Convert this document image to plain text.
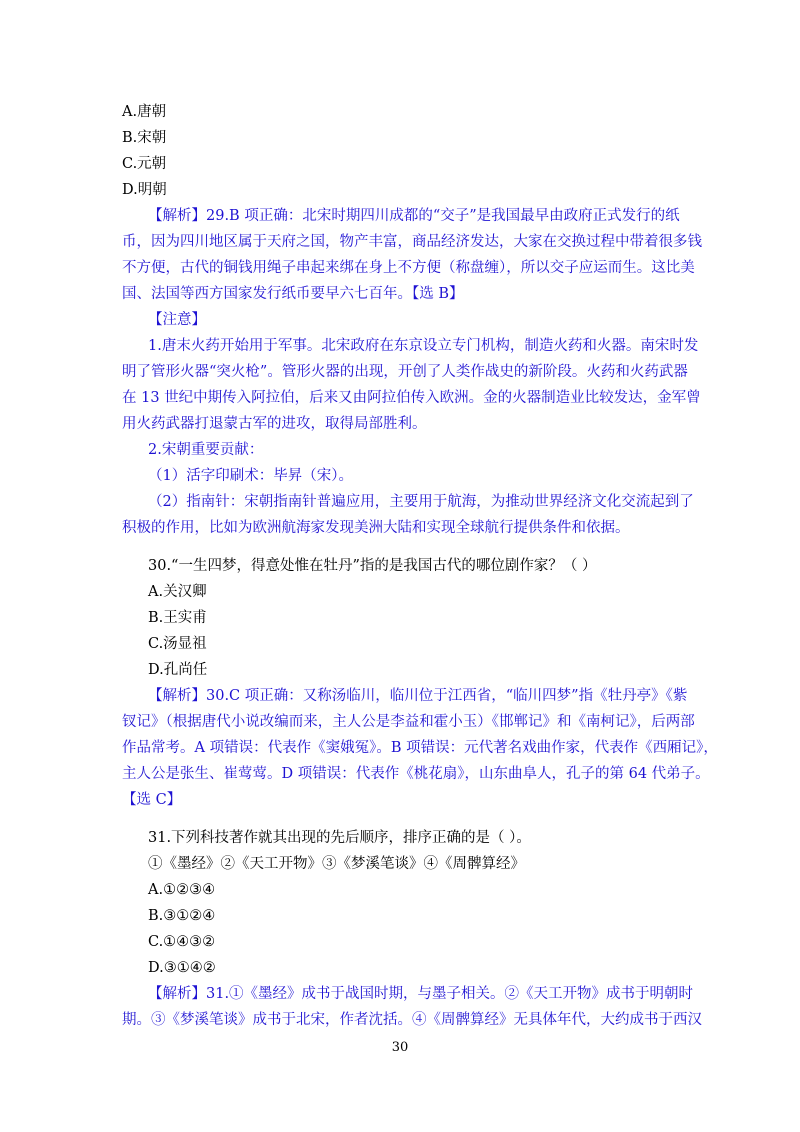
A.唐朝
B.宋朝
C.元朝
D.明朝
【解析】29.B 项正确：北宋时期四川成都的“交子”是我国最早由政府正式发行的纸
币，因为四川地区属于天府之国，物产丰富，商品经济发达，大家在交换过程中带着很多钱
不方便，古代的铜钱用绳子串起来绑在身上不方便（称盘缠），所以交子应运而生。这比美
国、法国等西方国家发行纸币要早六七百年。【选 B】
【注意】
1.唐末火药开始用于军事。北宋政府在东京设立专门机构，制造火药和火器。南宋时发
明了管形火器“突火枪”。管形火器的出现，开创了人类作战史的新阶段。火药和火药武器
在 13 世纪中期传入阿拉伯，后来又由阿拉伯传入欧洲。金的火器制造业比较发达，金军曾
用火药武器打退蒙古军的进攻，取得局部胜利。
2.宋朝重要贡献：
（1）活字印刷术：毕昇（宋）。
（2）指南针：宋朝指南针普遍应用，主要用于航海，为推动世界经济文化交流起到了
积极的作用，比如为欧洲航海家发现美洲大陆和实现全球航行提供条件和依据。
30.“一生四梦，得意处惟在牡丹”指的是我国古代的哪位剧作家？（ ）
A.关汉卿
B.王实甫
C.汤显祖
D.孔尚任
【解析】30.C 项正确：又称汤临川，临川位于江西省，“临川四梦”指《牡丹亭》《紫
钗记》（根据唐代小说改编而来，主人公是李益和霍小玉）《邯郸记》和《南柯记》，后两部
作品常考。A 项错误：代表作《窦娥冤》。B 项错误：元代著名戏曲作家，代表作《西厢记》，
主人公是张生、崔莺莺。D 项错误：代表作《桃花扇》，山东曲阜人，孔子的第 64 代弟子。
【选 C】
31.下列科技著作就其出现的先后顺序，排序正确的是（ ）。
①《墨经》②《天工开物》③《梦溪笔谈》④《周髀算经》
A.①②③④
B.③①②④
C.①④③②
D.③①④②
【解析】31.①《墨经》成书于战国时期，与墨子相关。②《天工开物》成书于明朝时
期。③《梦溪笔谈》成书于北宋，作者沈括。④《周髀算经》无具体年代，大约成书于西汉
30
